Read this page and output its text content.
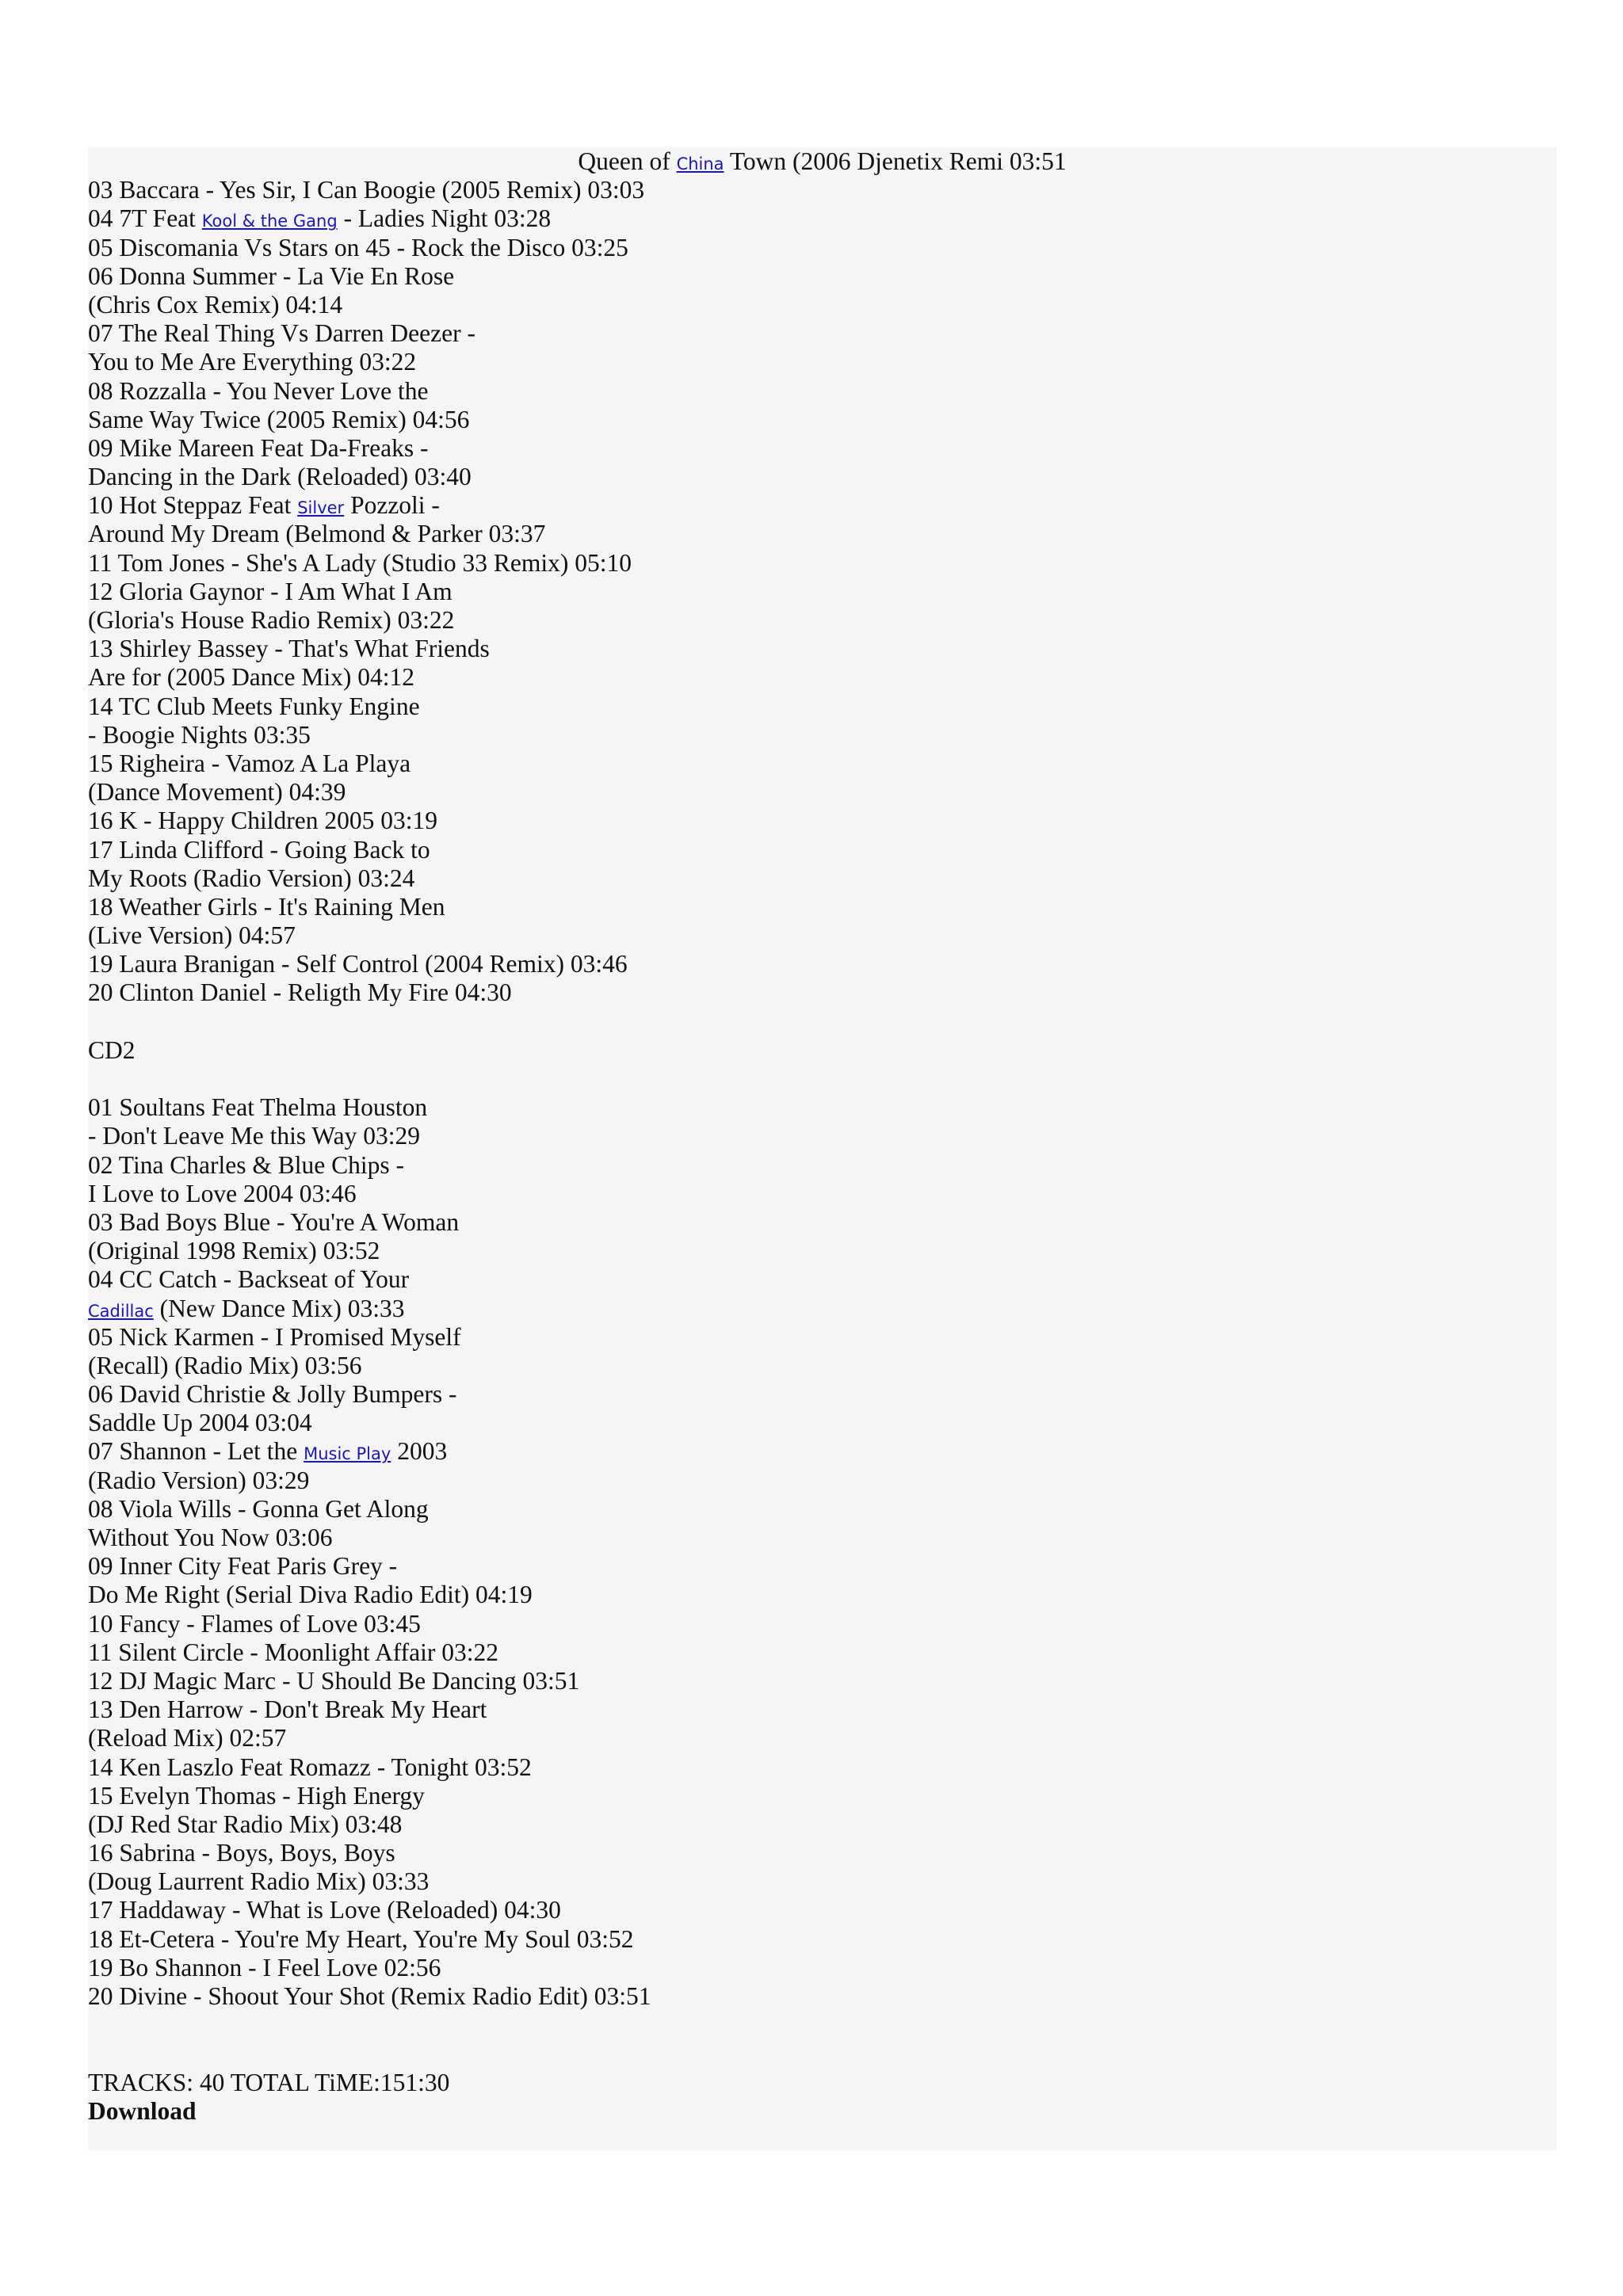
Queen of China Town (2006 Djenetix Remi 03:51
03 Baccara - Yes Sir, I Can Boogie (2005 Remix) 03:03
04 7T Feat Kool & the Gang - Ladies Night 03:28
05 Discomania Vs Stars on 45 - Rock the Disco 03:25
06 Donna Summer - La Vie En Rose
(Chris Cox Remix) 04:14
07 The Real Thing Vs Darren Deezer -
You to Me Are Everything 03:22
08 Rozzalla - You Never Love the
Same Way Twice (2005 Remix) 04:56
09 Mike Mareen Feat Da-Freaks -
Dancing in the Dark (Reloaded) 03:40
10 Hot Steppaz Feat Silver Pozzoli -
Around My Dream (Belmond & Parker 03:37
11 Tom Jones - She's A Lady (Studio 33 Remix) 05:10
12 Gloria Gaynor - I Am What I Am
(Gloria's House Radio Remix) 03:22
13 Shirley Bassey - That's What Friends
Are for (2005 Dance Mix) 04:12
14 TC Club Meets Funky Engine
- Boogie Nights 03:35
15 Righeira - Vamoz A La Playa
(Dance Movement) 04:39
16 K - Happy Children 2005 03:19
17 Linda Clifford - Going Back to
My Roots (Radio Version) 03:24
18 Weather Girls - It's Raining Men
(Live Version) 04:57
19 Laura Branigan - Self Control (2004 Remix) 03:46
20 Clinton Daniel - Religth My Fire 04:30
CD2
01 Soultans Feat Thelma Houston
- Don't Leave Me this Way 03:29
02 Tina Charles & Blue Chips -
I Love to Love 2004 03:46
03 Bad Boys Blue - You're A Woman
(Original 1998 Remix) 03:52
04 CC Catch - Backseat of Your
Cadillac (New Dance Mix) 03:33
05 Nick Karmen - I Promised Myself
(Recall) (Radio Mix) 03:56
06 David Christie & Jolly Bumpers -
Saddle Up 2004 03:04
07 Shannon - Let the Music Play 2003
(Radio Version) 03:29
08 Viola Wills - Gonna Get Along
Without You Now 03:06
09 Inner City Feat Paris Grey -
Do Me Right (Serial Diva Radio Edit) 04:19
10 Fancy - Flames of Love 03:45
11 Silent Circle - Moonlight Affair 03:22
12 DJ Magic Marc - U Should Be Dancing 03:51
13 Den Harrow - Don't Break My Heart
(Reload Mix) 02:57
14 Ken Laszlo Feat Romazz - Tonight 03:52
15 Evelyn Thomas - High Energy
(DJ Red Star Radio Mix) 03:48
16 Sabrina - Boys, Boys, Boys
(Doug Laurrent Radio Mix) 03:33
17 Haddaway - What is Love (Reloaded) 04:30
18 Et-Cetera - You're My Heart, You're My Soul 03:52
19 Bo Shannon - I Feel Love 02:56
20 Divine - Shoout Your Shot (Remix Radio Edit) 03:51
TRACKS: 40 TOTAL TiME:151:30
Download
